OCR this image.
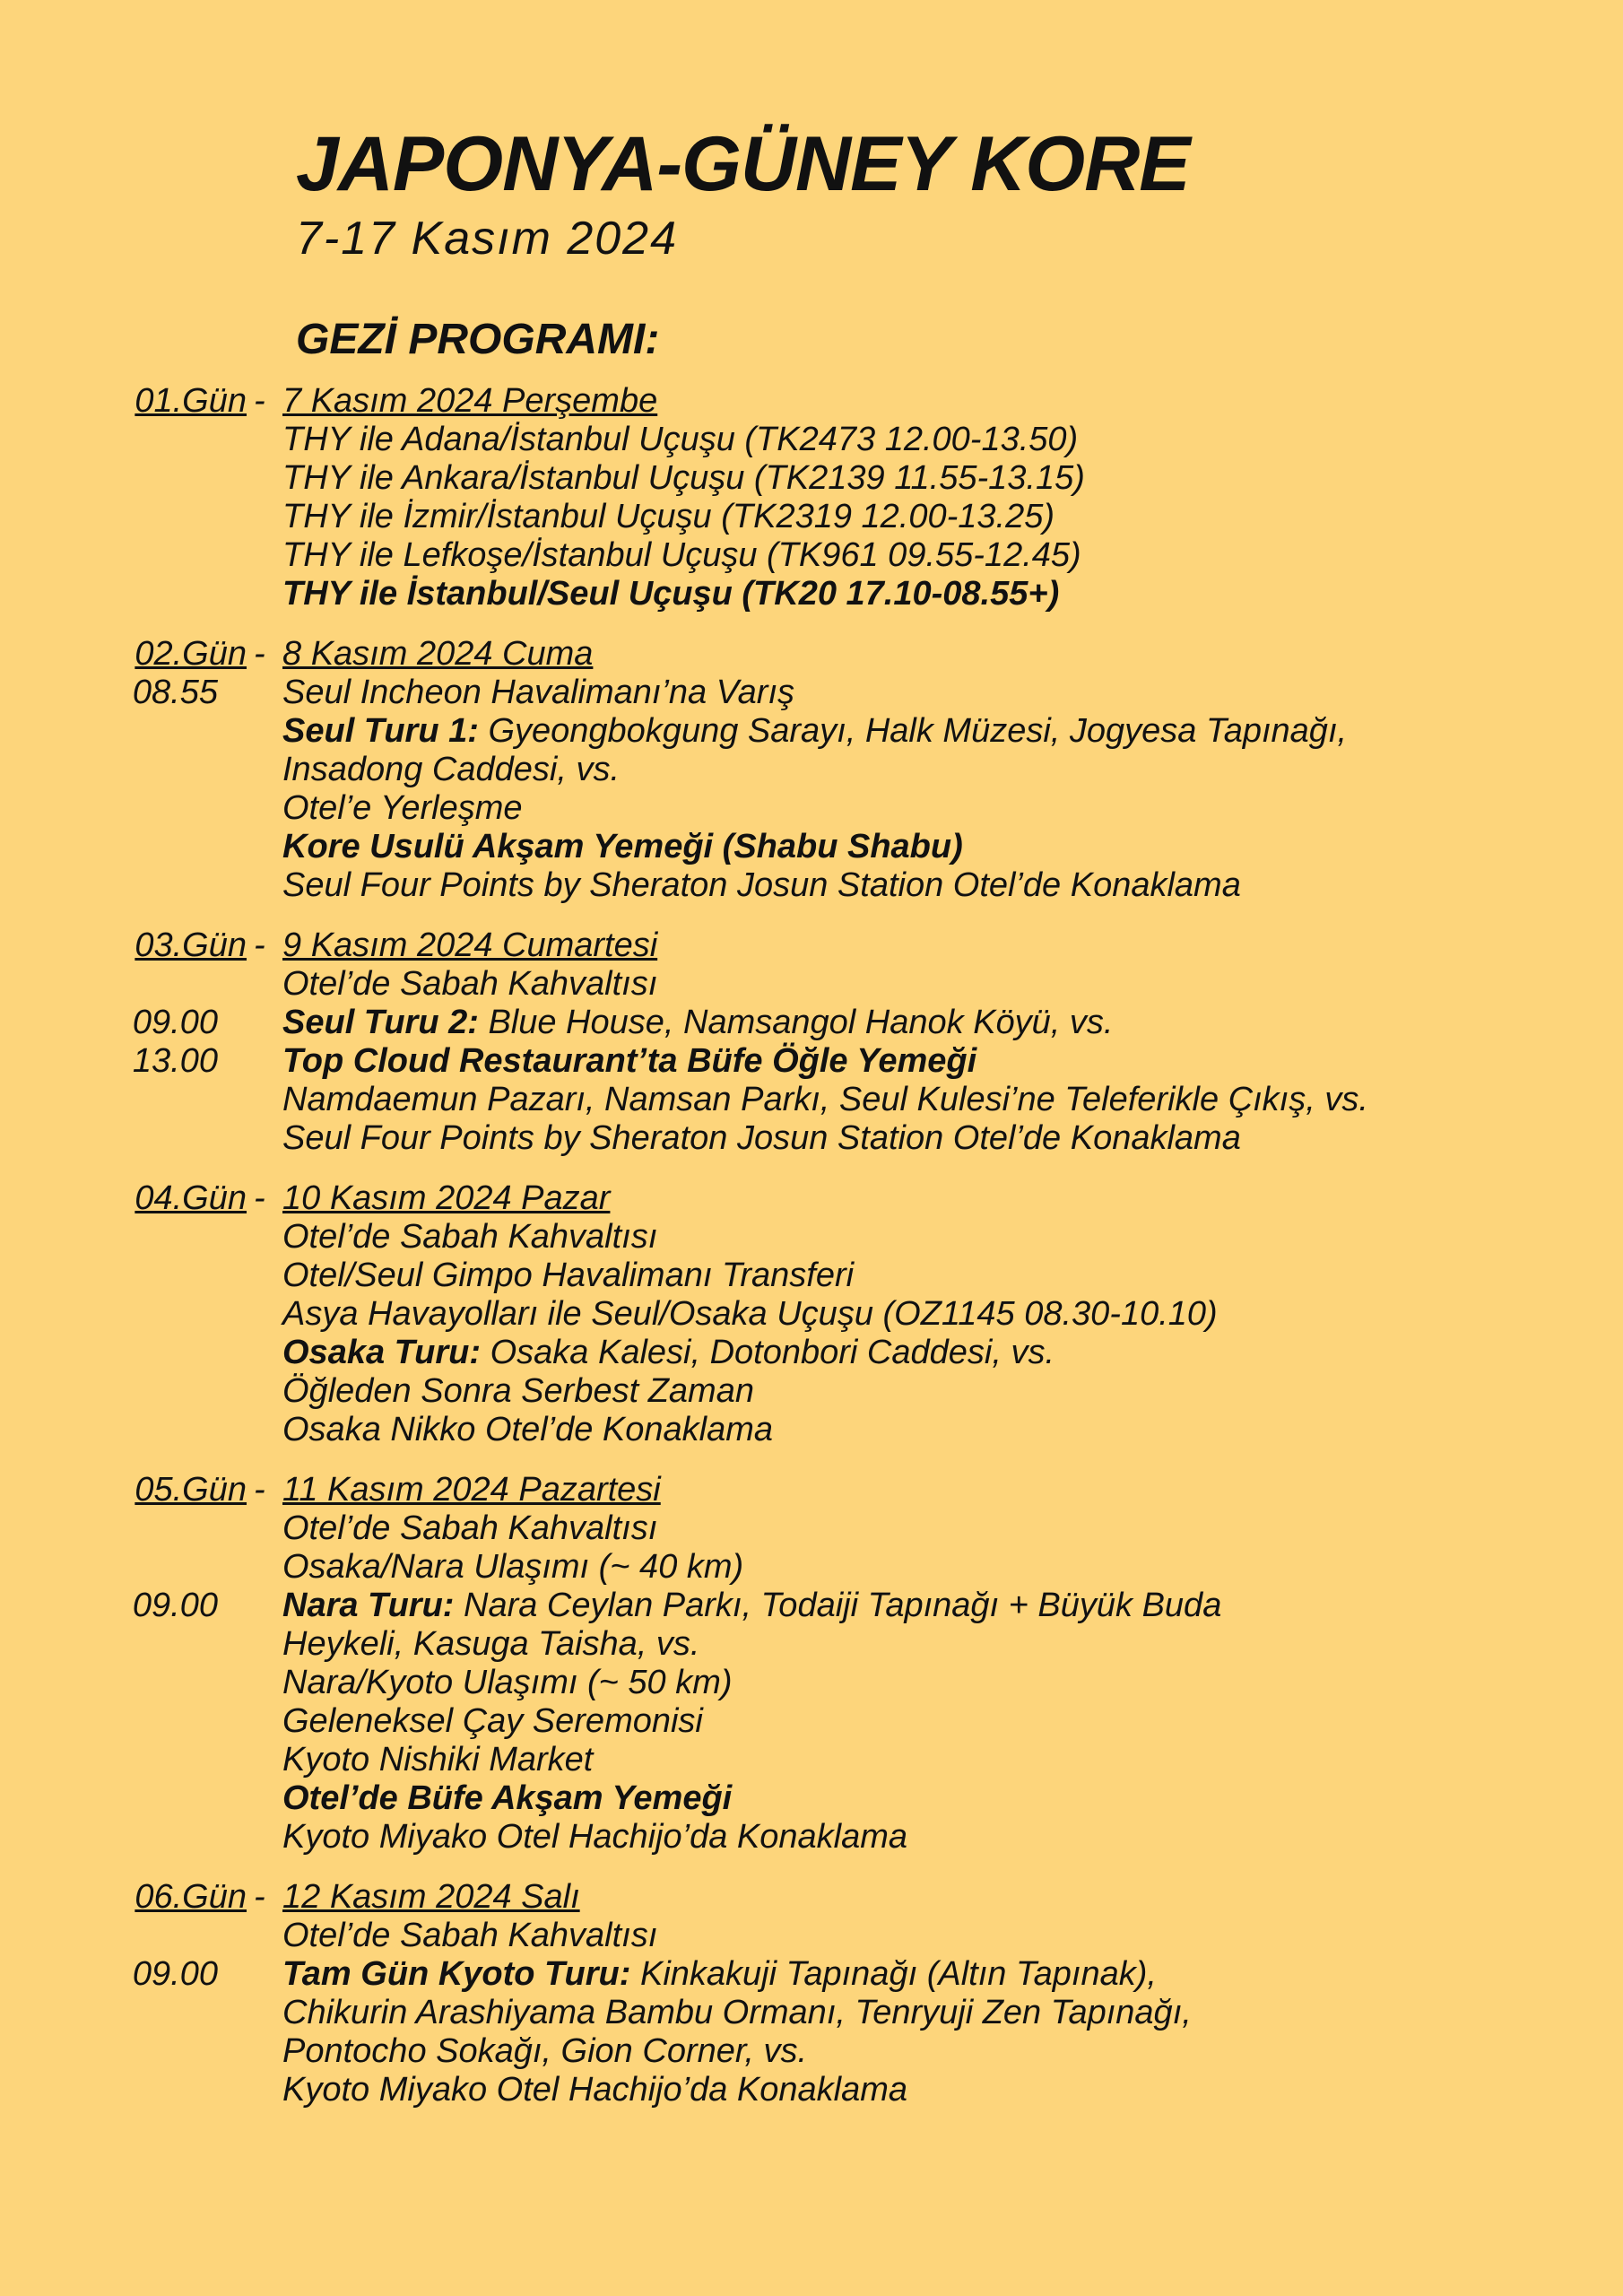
JAPONYA-GÜNEY KORE
7-17 Kasım 2024
GEZİ PROGRAMI:
01.Gün - 7 Kasım 2024 Perşembe
THY ile Adana/İstanbul Uçuşu (TK2473 12.00-13.50)
THY ile Ankara/İstanbul Uçuşu (TK2139 11.55-13.15)
THY ile İzmir/İstanbul Uçuşu (TK2319 12.00-13.25)
THY ile Lefkoşe/İstanbul Uçuşu (TK961 09.55-12.45)
THY ile İstanbul/Seul Uçuşu (TK20 17.10-08.55+)
02.Gün - 8 Kasım 2024 Cuma
08.55	Seul Incheon Havalimanı’na Varış
Seul Turu 1: Gyeongbokgung Sarayı, Halk Müzesi, Jogyesa Tapınağı,
Insadong Caddesi, vs.
Otel’e Yerleşme
Kore Usulü Akşam Yemeği (Shabu Shabu)
Seul Four Points by Sheraton Josun Station Otel’de Konaklama
03.Gün - 9 Kasım 2024 Cumartesi
Otel’de Sabah Kahvaltısı
09.00	Seul Turu 2: Blue House, Namsangol Hanok Köyü, vs.
13.00	Top Cloud Restaurant’ta Büfe Öğle Yemeği
Namdaemun Pazarı, Namsan Parkı, Seul Kulesi’ne Teleferikle Çıkış, vs.
Seul Four Points by Sheraton Josun Station Otel’de Konaklama
04.Gün - 10 Kasım 2024 Pazar
Otel’de Sabah Kahvaltısı
Otel/Seul Gimpo Havalimanı Transferi
Asya Havayolları ile Seul/Osaka Uçuşu (OZ1145 08.30-10.10)
Osaka Turu: Osaka Kalesi, Dotonbori Caddesi, vs.
Öğleden Sonra Serbest Zaman
Osaka Nikko Otel’de Konaklama
05.Gün - 11 Kasım 2024 Pazartesi
Otel’de Sabah Kahvaltısı
Osaka/Nara Ulaşımı (~ 40 km)
09.00	Nara Turu: Nara Ceylan Parkı, Todaiji Tapınağı + Büyük Buda
Heykeli, Kasuga Taisha, vs.
Nara/Kyoto Ulaşımı (~ 50 km)
Geleneksel Çay Seremonisi
Kyoto Nishiki Market
Otel’de Büfe Akşam Yemeği
Kyoto Miyako Otel Hachijo’da Konaklama
06.Gün - 12 Kasım 2024 Salı
Otel’de Sabah Kahvaltısı
09.00	Tam Gün Kyoto Turu: Kinkakuji Tapınağı (Altın Tapınak),
Chikurin Arashiyama Bambu Ormanı, Tenryuji Zen Tapınağı,
Pontocho Sokağı, Gion Corner, vs.
Kyoto Miyako Otel Hachijo’da Konaklama
